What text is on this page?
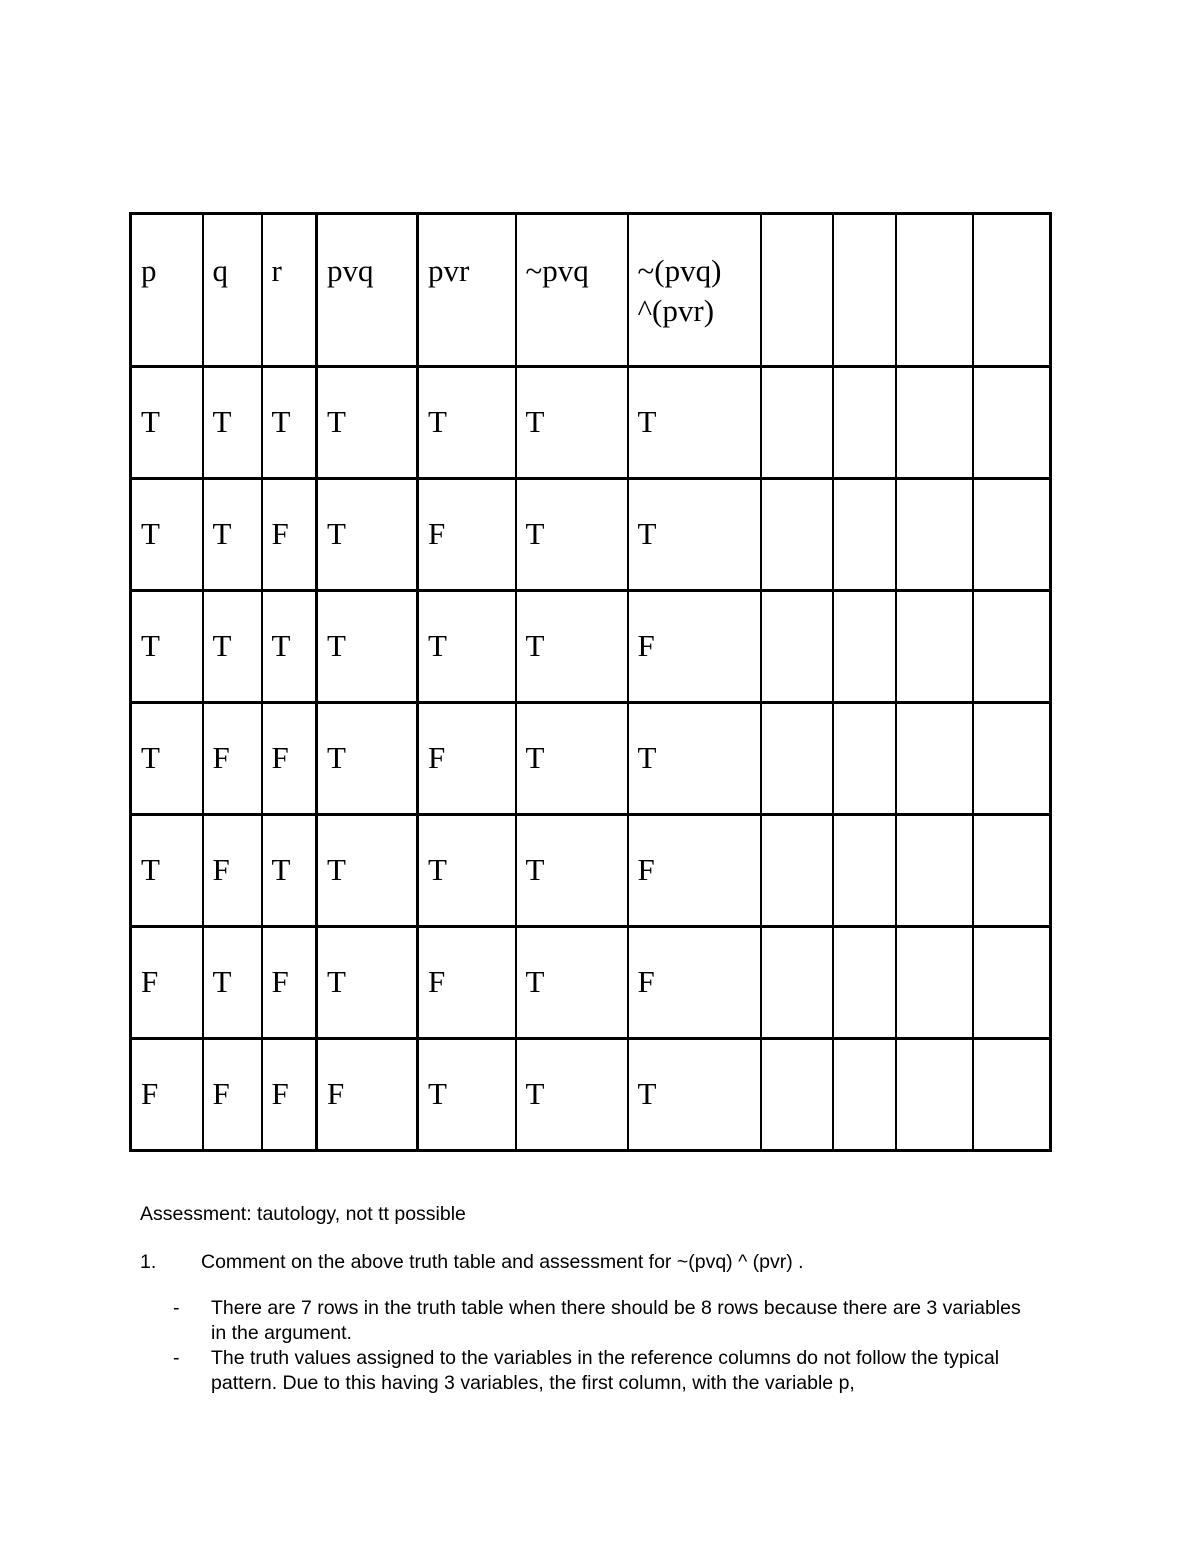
p	q	r	pvq	pvr	~pvq	~(pvq)
^(pvr)				

T	T	T	T	T	T	T				

T	T	F	T	F	T	T				

T	T	T	T	T	T	F				

T	F	F	T	F	T	T				

T	F	T	T	T	T	F				

F	T	F	T	F	T	F				

F	F	F	F	T	T	T				

Assessment: tautology, not tt possible
1. Comment on the above truth table and assessment for ~(pvq) ^ (pvr) .
- There are 7 rows in the truth table when there should be 8 rows because there are 3 variables in the argument.
- The truth values assigned to the variables in the reference columns do not follow the typical pattern. Due to this having 3 variables, the first column, with the variable p,
